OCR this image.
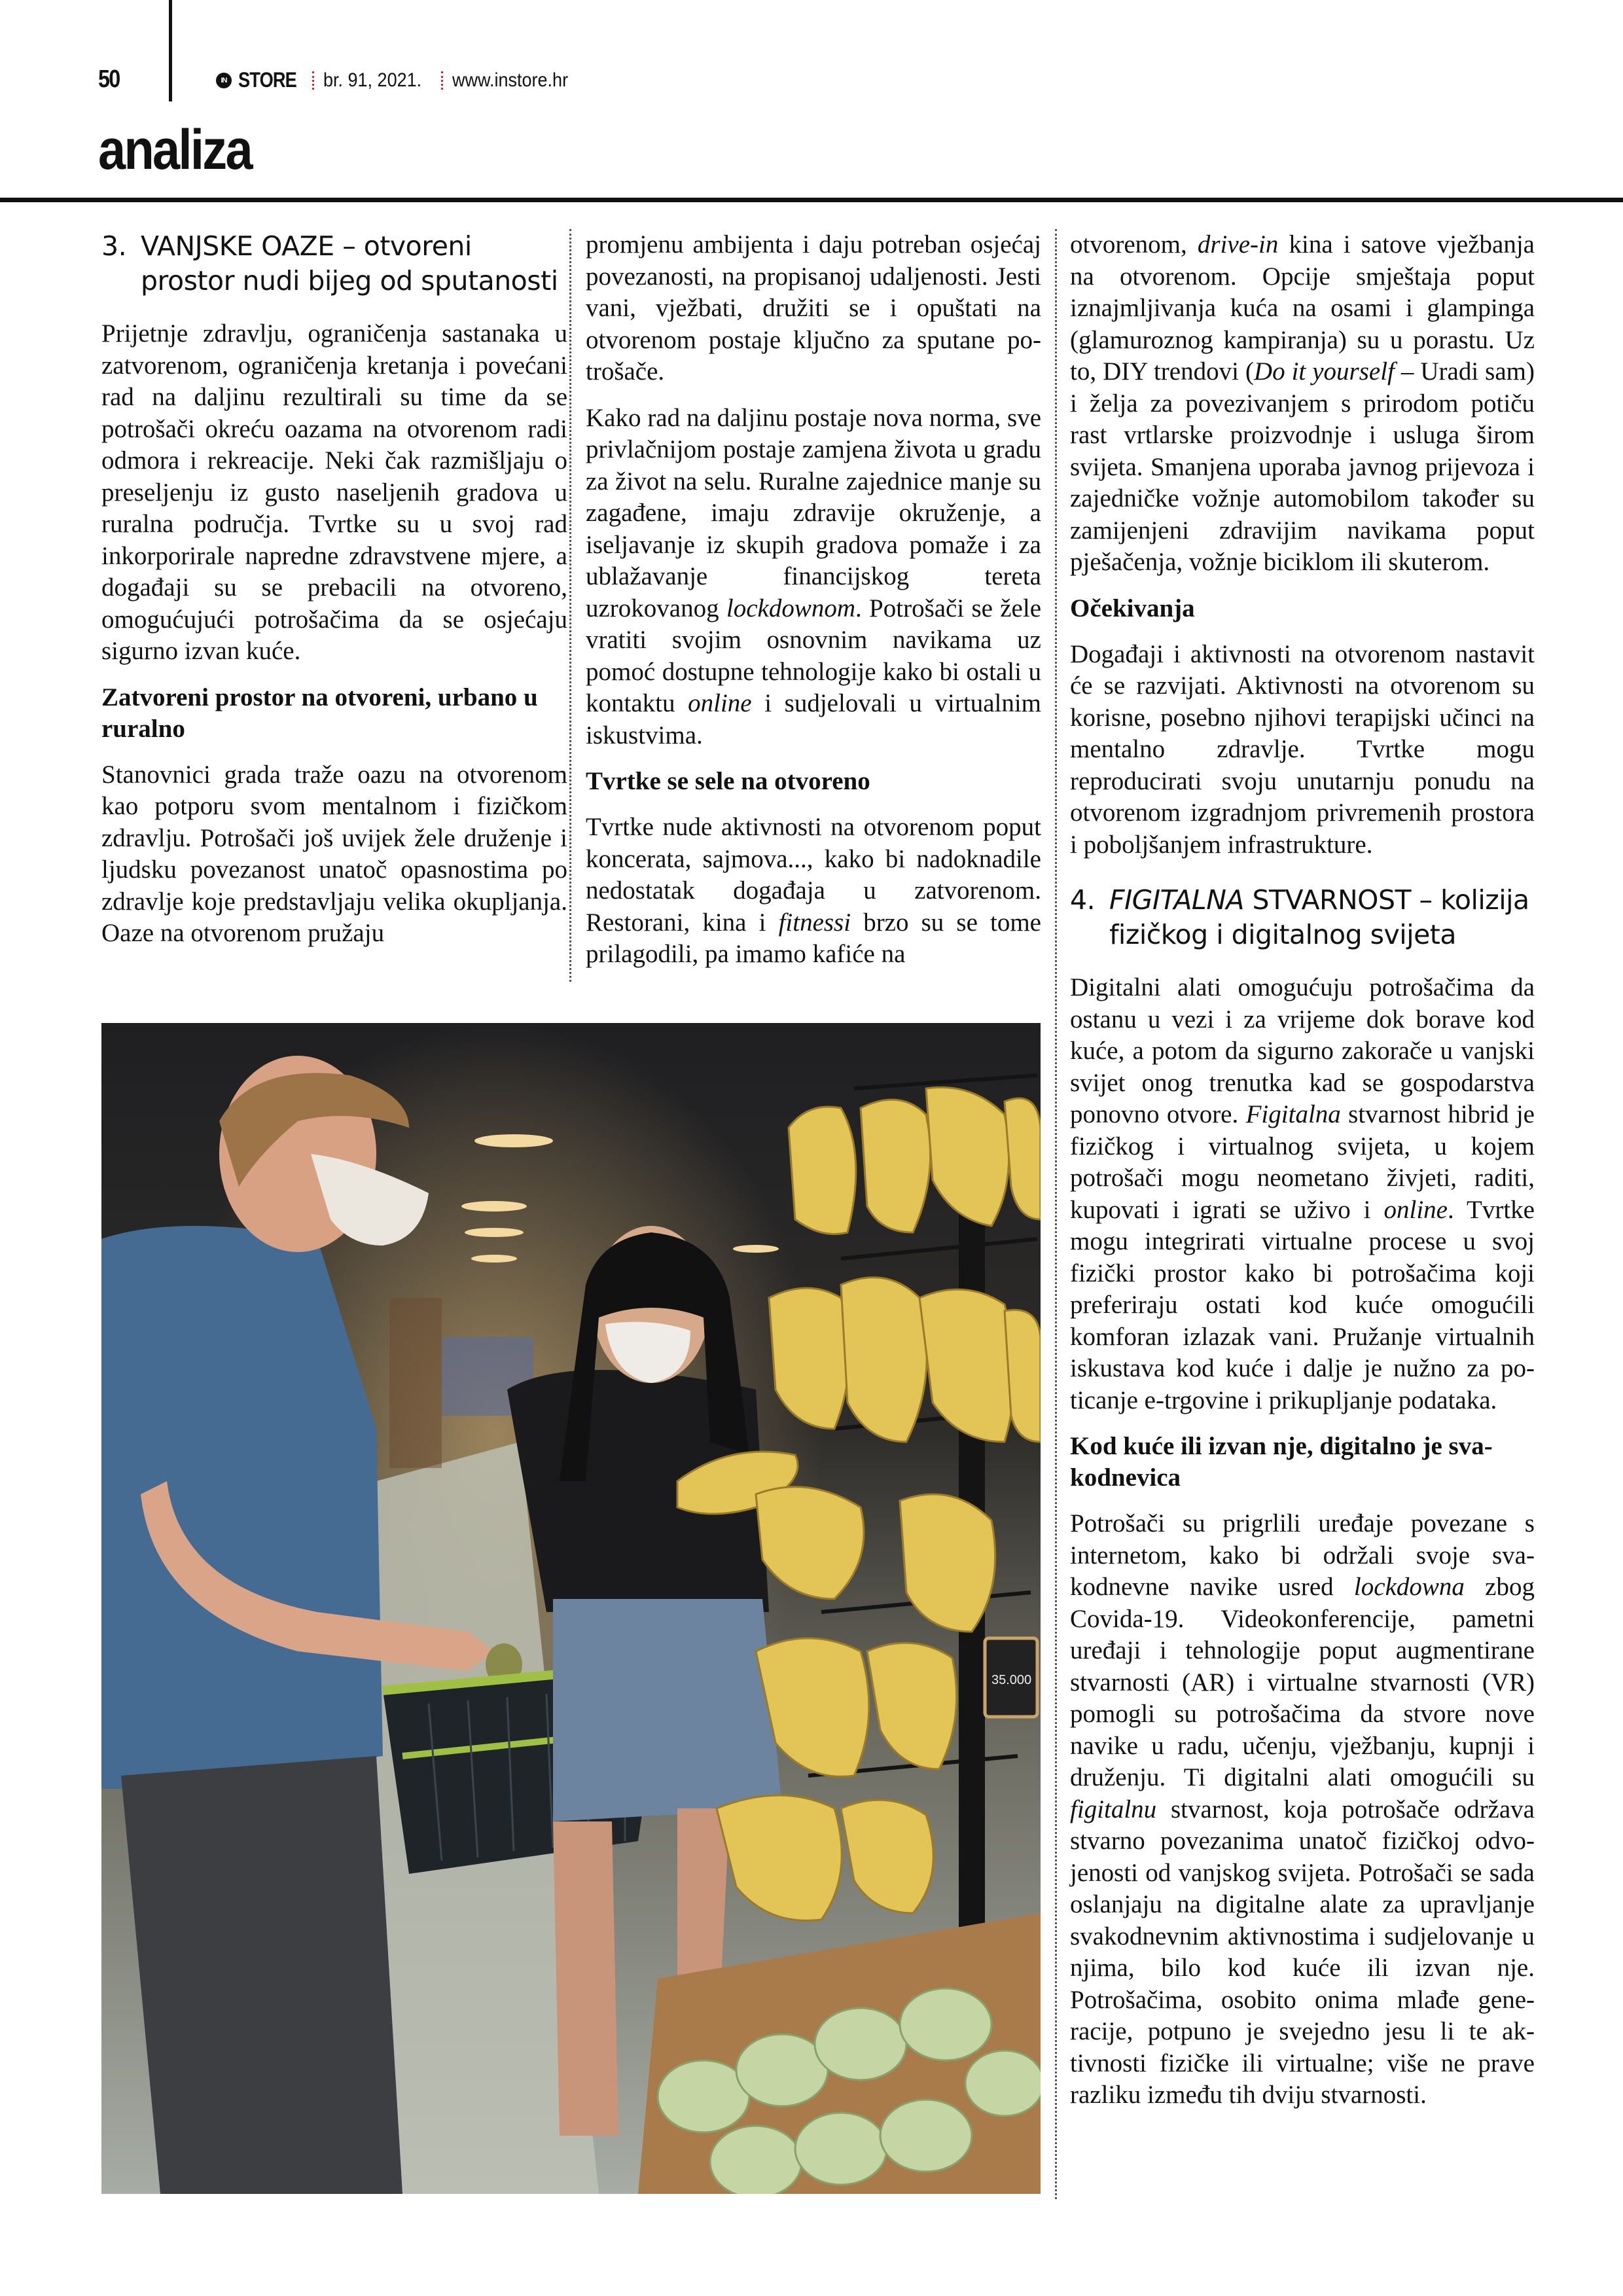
50	IN STORE br. 91, 2021. www.instore.hr
analiza
3. VANJSKE OAZE – otvoreni prostor nudi bijeg od sputanosti

Prijetnje zdravlju, ograničenja sastanaka u zatvorenom, ograničenja kretanja i povećani rad na daljinu rezultirali su time da se potrošači okreću oazama na otvorenom radi odmora i rekreacije. Neki čak razmišljaju o preseljenju iz gusto naseljenih gradova u ruralna područja. Tvrtke su u svoj rad inkorporirale napredne zdravstvene mjere, a događaji su se prebacili na otvoreno, omogućujući potrošačima da se osjećaju sigurno izvan kuće.

Zatvoreni prostor na otvoreni, urbano u ruralno

Stanovnici grada traže oazu na otvorenom kao potporu svom mentalnom i fizičkom zdravlju. Potrošači još uvijek žele druženje i ljudsku povezanost unatoč opasnostima po zdravlje koje predstavljaju velika okupljanja. Oaze na otvorenom pružaju

promjenu ambijenta i daju potreban osjećaj povezanosti, na propisanoj udaljenosti. Jesti vani, vježbati, družiti se i opuštati na otvorenom postaje ključno za sputane potrošače.

Kako rad na daljinu postaje nova norma, sve privlačnijom postaje zamjena života u gradu za život na selu. Ruralne zajednice manje su zagađene, imaju zdravije okruženje, a iseljavanje iz skupih gradova pomaže i za ublažavanje financijskog tereta uzrokovanog lockdownom. Potrošači se žele vratiti svojim osnovnim navikama uz pomoć dostupne tehnologije kako bi ostali u kontaktu online i sudjelovali u virtualnim iskustvima.

Tvrtke se sele na otvoreno

Tvrtke nude aktivnosti na otvorenom poput koncerata, sajmova..., kako bi nadoknadile nedostatak događaja u zatvorenom. Restorani, kina i fitnessi brzo su se tome prilagodili, pa imamo kafiće na

otvorenom, drive-in kina i satove vježbanja na otvorenom. Opcije smještaja poput iznajmljivanja kuća na osami i glampinga (glamuroznog kampiranja) su u porastu. Uz to, DIY trendovi (Do it yourself – Uradi sam) i želja za povezivanjem s prirodom potiču rast vrtlarske proizvodnje i usluga širom svijeta. Smanjena uporaba javnog prijevoza i zajedničke vožnje automobilom također su zamijenjeni zdravijim navikama poput pješačenja, vožnje biciklom ili skuterom.

Očekivanja

Događaji i aktivnosti na otvorenom nastavit će se razvijati. Aktivnosti na otvorenom su korisne, posebno njihovi terapijski učinci na mentalno zdravlje. Tvrtke mogu reproducirati svoju unutarnju ponudu na otvorenom izgradnjom privremenih prostora i poboljšanjem infrastrukture.

4. FIGITALNA STVARNOST – kolizija fizičkog i digitalnog svijeta

Digitalni alati omogućuju potrošačima da ostanu u vezi i za vrijeme dok borave kod kuće, a potom da sigurno zakorače u vanjski svijet onog trenutka kad se gospodarstva ponovno otvore. Figitalna stvarnost hibrid je fizičkog i virtualnog svijeta, u kojem potrošači mogu neometano živjeti, raditi, kupovati i igrati se uživo i online. Tvrtke mogu integrirati virtualne procese u svoj fizički prostor kako bi potrošačima koji preferiraju ostati kod kuće omogućili komforan izlazak vani. Pružanje virtualnih iskustava kod kuće i dalje je nužno za poticanje e-trgovine i prikupljanje podataka.

Kod kuće ili izvan nje, digitalno je svakodnevica

Potrošači su prigrlili uređaje povezane s internetom, kako bi održali svoje svakodnevne navike usred lockdowna zbog Covida-19. Videokonferencije, pametni uređaji i tehnologije poput augmentirane stvarnosti (AR) i virtualne stvarnosti (VR) pomogli su potrošačima da stvore nove navike u radu, učenju, vježbanju, kupnji i druženju. Ti digitalni alati omogućili su figitalnu stvarnost, koja potrošače održava stvarno povezanima unatoč fizičkoj odvojenosti od vanjskog svijeta. Potrošači se sada oslanjaju na digitalne alate za upravljanje svakodnevnim aktivnostima i sudjelovanje u njima, bilo kod kuće ili izvan nje. Potrošačima, osobito onima mlađe generacije, potpuno je svejedno jesu li te aktivnosti fizičke ili virtualne; više ne prave razliku između tih dviju stvarnosti.

35.000
